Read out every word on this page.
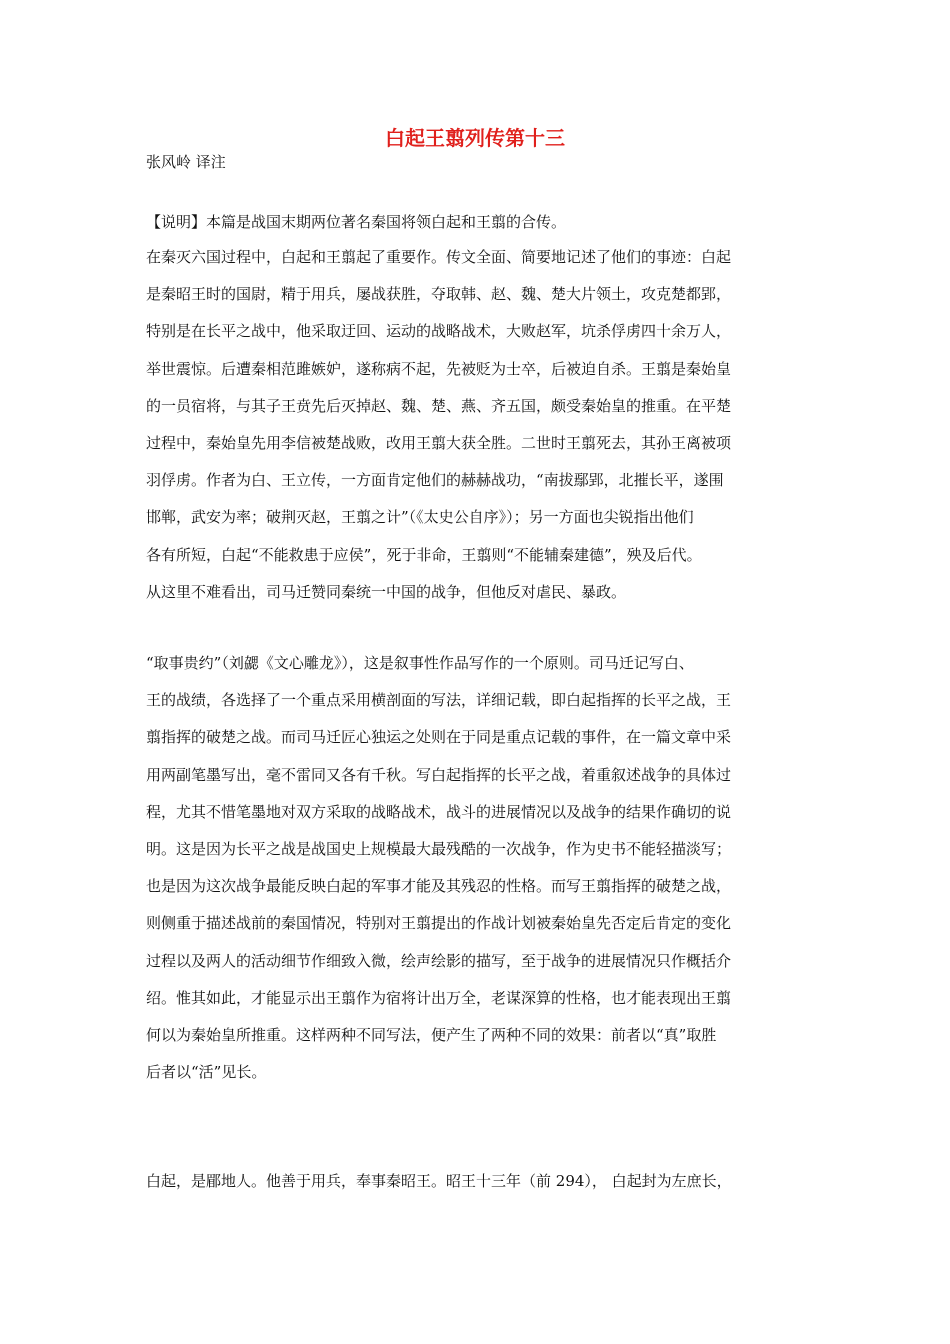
白起王翦列传第十三
张风岭 译注
【说明】本篇是战国末期两位著名秦国将领白起和王翦的合传。
在秦灭六国过程中，白起和王翦起了重要作。传文全面、简要地记述了他们的事迹：白起
是秦昭王时的国尉，精于用兵，屡战获胜，夺取韩、赵、魏、楚大片领土，攻克楚都郢，
特别是在长平之战中，他采取迂回、运动的战略战术，大败赵军，坑杀俘虏四十余万人，
举世震惊。后遭秦相范雎嫉妒，遂称病不起，先被贬为士卒，后被迫自杀。王翦是秦始皇
的一员宿将，与其子王贲先后灭掉赵、魏、楚、燕、齐五国，颇受秦始皇的推重。在平楚
过程中，秦始皇先用李信被楚战败，改用王翦大获全胜。二世时王翦死去，其孙王离被项
羽俘虏。作者为白、王立传，一方面肯定他们的赫赫战功，“南拔鄢郢，北摧长平，遂围
邯郸，武安为率；破荆灭赵，王翦之计”（《太史公自序》）；另一方面也尖锐指出他们
各有所短，白起“不能救患于应侯”，死于非命，王翦则“不能辅秦建德”，殃及后代。
从这里不难看出，司马迁赞同秦统一中国的战争，但他反对虐民、暴政。
“取事贵约”（刘勰《文心雕龙》），这是叙事性作品写作的一个原则。司马迁记写白、
王的战绩，各选择了一个重点采用横剖面的写法，详细记载，即白起指挥的长平之战，王
翦指挥的破楚之战。而司马迁匠心独运之处则在于同是重点记载的事件，在一篇文章中采
用两副笔墨写出，毫不雷同又各有千秋。写白起指挥的长平之战，着重叙述战争的具体过
程，尤其不惜笔墨地对双方采取的战略战术，战斗的进展情况以及战争的结果作确切的说
明。这是因为长平之战是战国史上规模最大最残酷的一次战争，作为史书不能轻描淡写；
也是因为这次战争最能反映白起的军事才能及其残忍的性格。而写王翦指挥的破楚之战，
则侧重于描述战前的秦国情况，特别对王翦提出的作战计划被秦始皇先否定后肯定的变化
过程以及两人的活动细节作细致入微，绘声绘影的描写，至于战争的进展情况只作概括介
绍。惟其如此，才能显示出王翦作为宿将计出万全，老谋深算的性格，也才能表现出王翦
何以为秦始皇所推重。这样两种不同写法，便产生了两种不同的效果：前者以“真”取胜
后者以“活”见长。
白起，是郿地人。他善于用兵，奉事秦昭王。昭王十三年（前 294）， 白起封为左庶长，
